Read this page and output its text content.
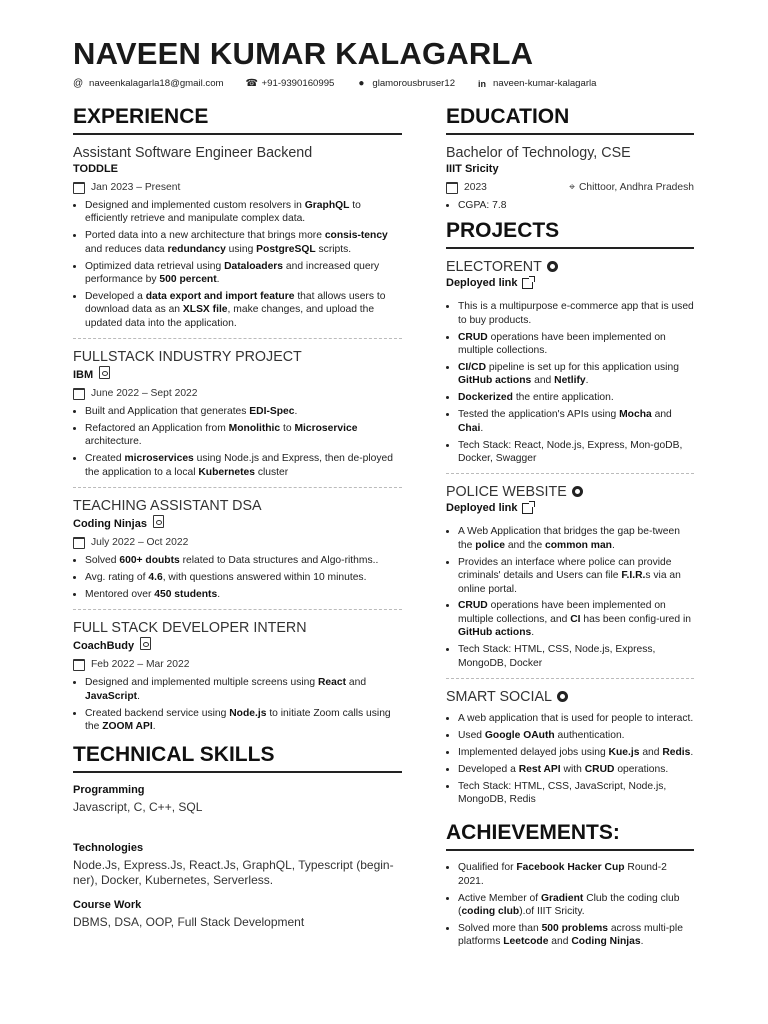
NAVEEN KUMAR KALAGARLA
@ naveenkalagarla18@gmail.com ☎ +91-9390160995 ● glamorousbruser12	in naveen-kumar-kalagarla
EXPERIENCE
Assistant Software Engineer Backend
TODDLE
Jan 2023 – Present
• Designed and implemented custom resolvers in GraphQL to efficiently retrieve and manipulate complex data.
• Ported data into a new architecture that brings more consis-tency and reduces data redundancy using PostgreSQL scripts.
• Optimized data retrieval using Dataloaders and increased query performance by 500 percent.
• Developed a data export and import feature that allows users to download data as an XLSX file, make changes, and upload the updated data into the application.
FULLSTACK INDUSTRY PROJECT
IBM
June 2022 – Sept 2022
• Built and Application that generates EDI-Spec.
• Refactored an Application from Monolithic to Microservice architecture.
• Created microservices using Node.js and Express, then de-ployed the application to a local Kubernetes cluster
TEACHING ASSISTANT DSA
Coding Ninjas
July 2022 – Oct 2022
• Solved 600+ doubts related to Data structures and Algo-rithms..
• Avg. rating of 4.6, with questions answered within 10 minutes.
• Mentored over 450 students.
FULL STACK DEVELOPER INTERN
CoachBudy
Feb 2022 – Mar 2022
• Designed and implemented multiple screens using React and JavaScript.
• Created backend service using Node.js to initiate Zoom calls using the ZOOM API.
TECHNICAL SKILLS
Programming
Javascript, C, C++, SQL
Technologies
Node.Js, Express.Js, React.Js, GraphQL, Typescript (begin-ner), Docker, Kubernetes, Serverless.
Course Work
DBMS, DSA, OOP, Full Stack Development
EDUCATION
Bachelor of Technology, CSE
IIIT Sricity
2023	⌖ Chittoor, Andhra Pradesh
• CGPA: 7.8
PROJECTS
ELECTORENT
Deployed link
• This is a multipurpose e-commerce app that is used to buy products.
• CRUD operations have been implemented on multiple collections.
• CI/CD pipeline is set up for this application using GitHub actions and Netlify.
• Dockerized the entire application.
• Tested the application's APIs using Mocha and Chai.
• Tech Stack: React, Node.js, Express, Mon-goDB, Docker, Swagger
POLICE WEBSITE
Deployed link
• A Web Application that bridges the gap be-tween the police and the common man.
• Provides an interface where police can provide criminals' details and Users can file F.I.R.s via an online portal.
• CRUD operations have been implemented on multiple collections, and CI has been config-ured in GitHub actions.
• Tech Stack: HTML, CSS, Node.js, Express, MongoDB, Docker
SMART SOCIAL
• A web application that is used for people to interact.
• Used Google OAuth authentication.
• Implemented delayed jobs using Kue.js and Redis.
• Developed a Rest API with CRUD operations.
• Tech Stack: HTML, CSS, JavaScript, Node.js, MongoDB, Redis
ACHIEVEMENTS:
• Qualified for Facebook Hacker Cup Round-2 2021.
• Active Member of Gradient Club the coding club (coding club).of IIIT Sricity.
• Solved more than 500 problems across multi-ple platforms Leetcode and Coding Ninjas.
